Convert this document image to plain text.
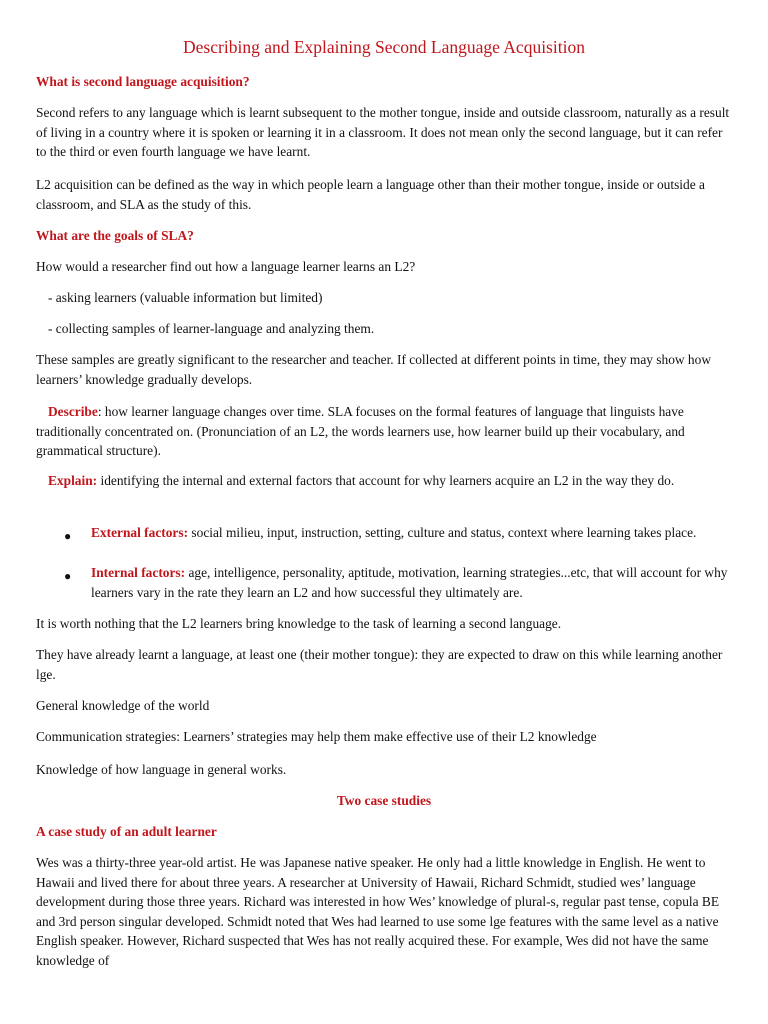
Describing and Explaining Second Language Acquisition

What is second language acquisition?

Second refers to any language which is learnt subsequent to the mother tongue, inside and outside classroom, naturally as a result of living in a country where it is spoken or learning it in a classroom. It does not mean only the second language, but it can refer to the third or even fourth language we have learnt.

L2 acquisition can be defined as the way in which people learn a language other than their mother tongue, inside or outside a classroom, and SLA as the study of this.

What are the goals of SLA?

How would a researcher find out how a language learner learns an L2?

- asking learners (valuable information but limited)

- collecting samples of learner-language and analyzing them.

These samples are greatly significant to the researcher and teacher. If collected at different points in time, they may show how learners’ knowledge gradually develops.

Describe: how learner language changes over time. SLA focuses on the formal features of language that linguists have traditionally concentrated on. (Pronunciation of an L2, the words learners use, how learner build up their vocabulary, and grammatical structure).

Explain: identifying the internal and external factors that account for why learners acquire an L2 in the way they do.

● External factors: social milieu, input, instruction, setting, culture and status, context where learning takes place.

● Internal factors: age, intelligence, personality, aptitude, motivation, learning strategies...etc, that will account for why learners vary in the rate they learn an L2 and how successful they ultimately are.

It is worth nothing that the L2 learners bring knowledge to the task of learning a second language.

They have already learnt a language, at least one (their mother tongue): they are expected to draw on this while learning another lge.

General knowledge of the world

Communication strategies: Learners’ strategies may help them make effective use of their L2 knowledge

Knowledge of how language in general works.

Two case studies

A case study of an adult learner

Wes was a thirty-three year-old artist. He was Japanese native speaker. He only had a little knowledge in English. He went to Hawaii and lived there for about three years. A researcher at University of Hawaii, Richard Schmidt, studied wes’ language development during those three years. Richard was interested in how Wes’ knowledge of plural-s, regular past tense, copula BE and 3rd person singular developed. Schmidt noted that Wes had learned to use some lge features with the same level as a native English speaker. However, Richard suspected that Wes has not really acquired these. For example, Wes did not have the same knowledge of
